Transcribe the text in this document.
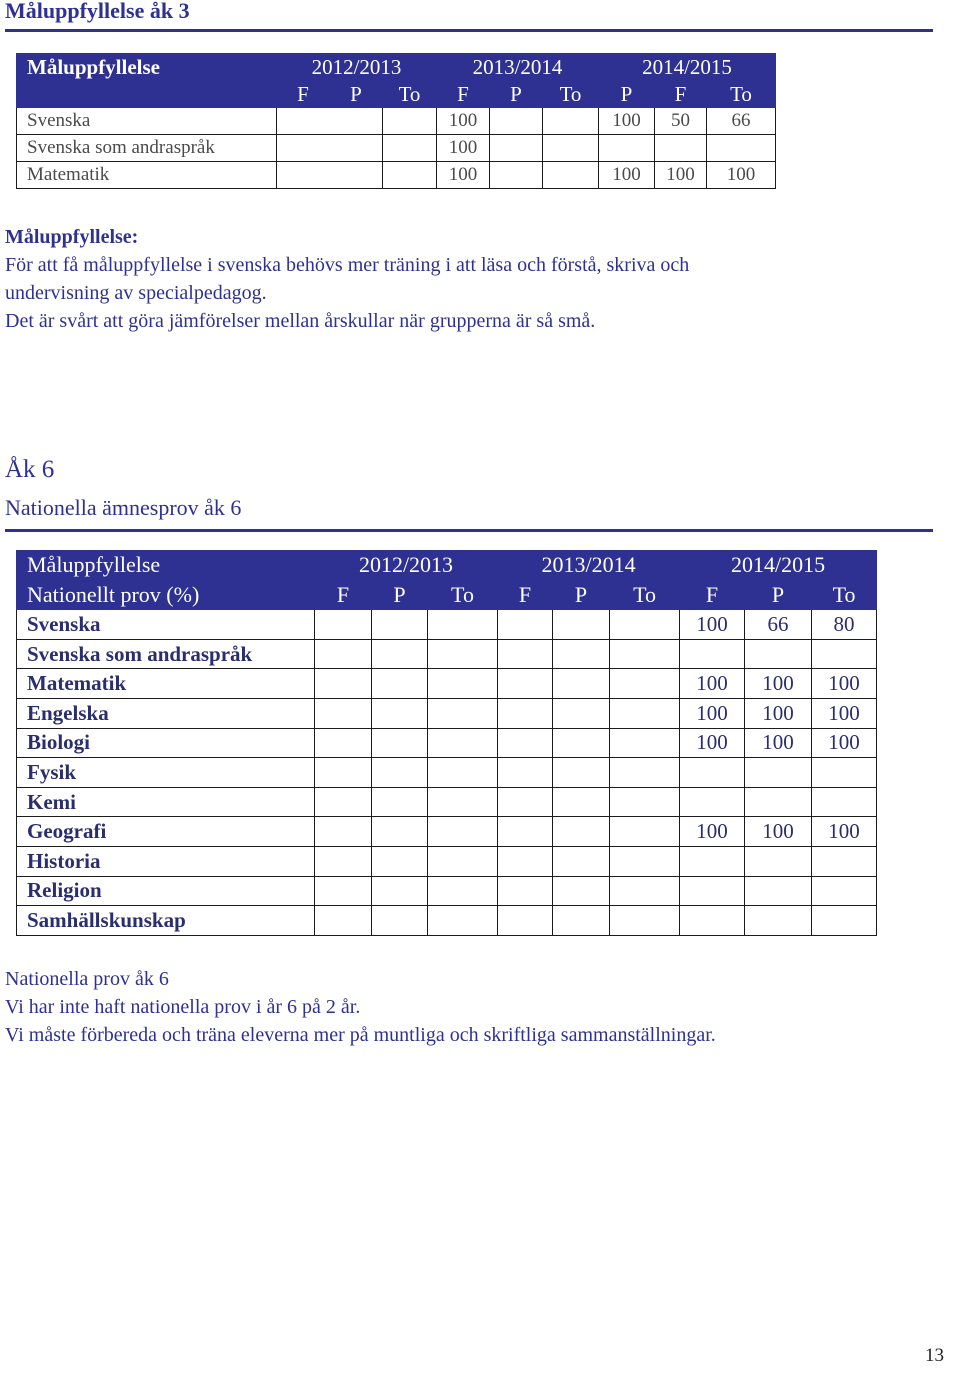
Måluppfyllelse åk 3
Måluppfyllelse	2012/2013			2013/2014			2014/2015		
	F	P	To	F	P	To	P	F	To
Svenska				100			100	50	66
Svenska som andraspråk				100					
Matematik				100			100	100	100
Måluppfyllelse:
För att få måluppfyllelse i svenska behövs mer träning i att läsa och förstå, skriva och
undervisning av specialpedagog.
Det är svårt att göra jämförelser mellan årskullar när grupperna är så små.
Åk 6
Nationella ämnesprov åk 6
Måluppfyllelse	2012/2013			2013/2014			2014/2015		
Nationellt prov (%)	F	P	To	F	P	To	F	P	To
Svenska							100	66	80
Svenska som andraspråk									
Matematik							100	100	100
Engelska							100	100	100
Biologi							100	100	100
Fysik									
Kemi									
Geografi							100	100	100
Historia									
Religion									
Samhällskunskap									
Nationella prov åk 6
Vi har inte haft nationella prov i år 6 på 2 år.
Vi måste förbereda och träna eleverna mer på muntliga och skriftliga sammanställningar.
13
